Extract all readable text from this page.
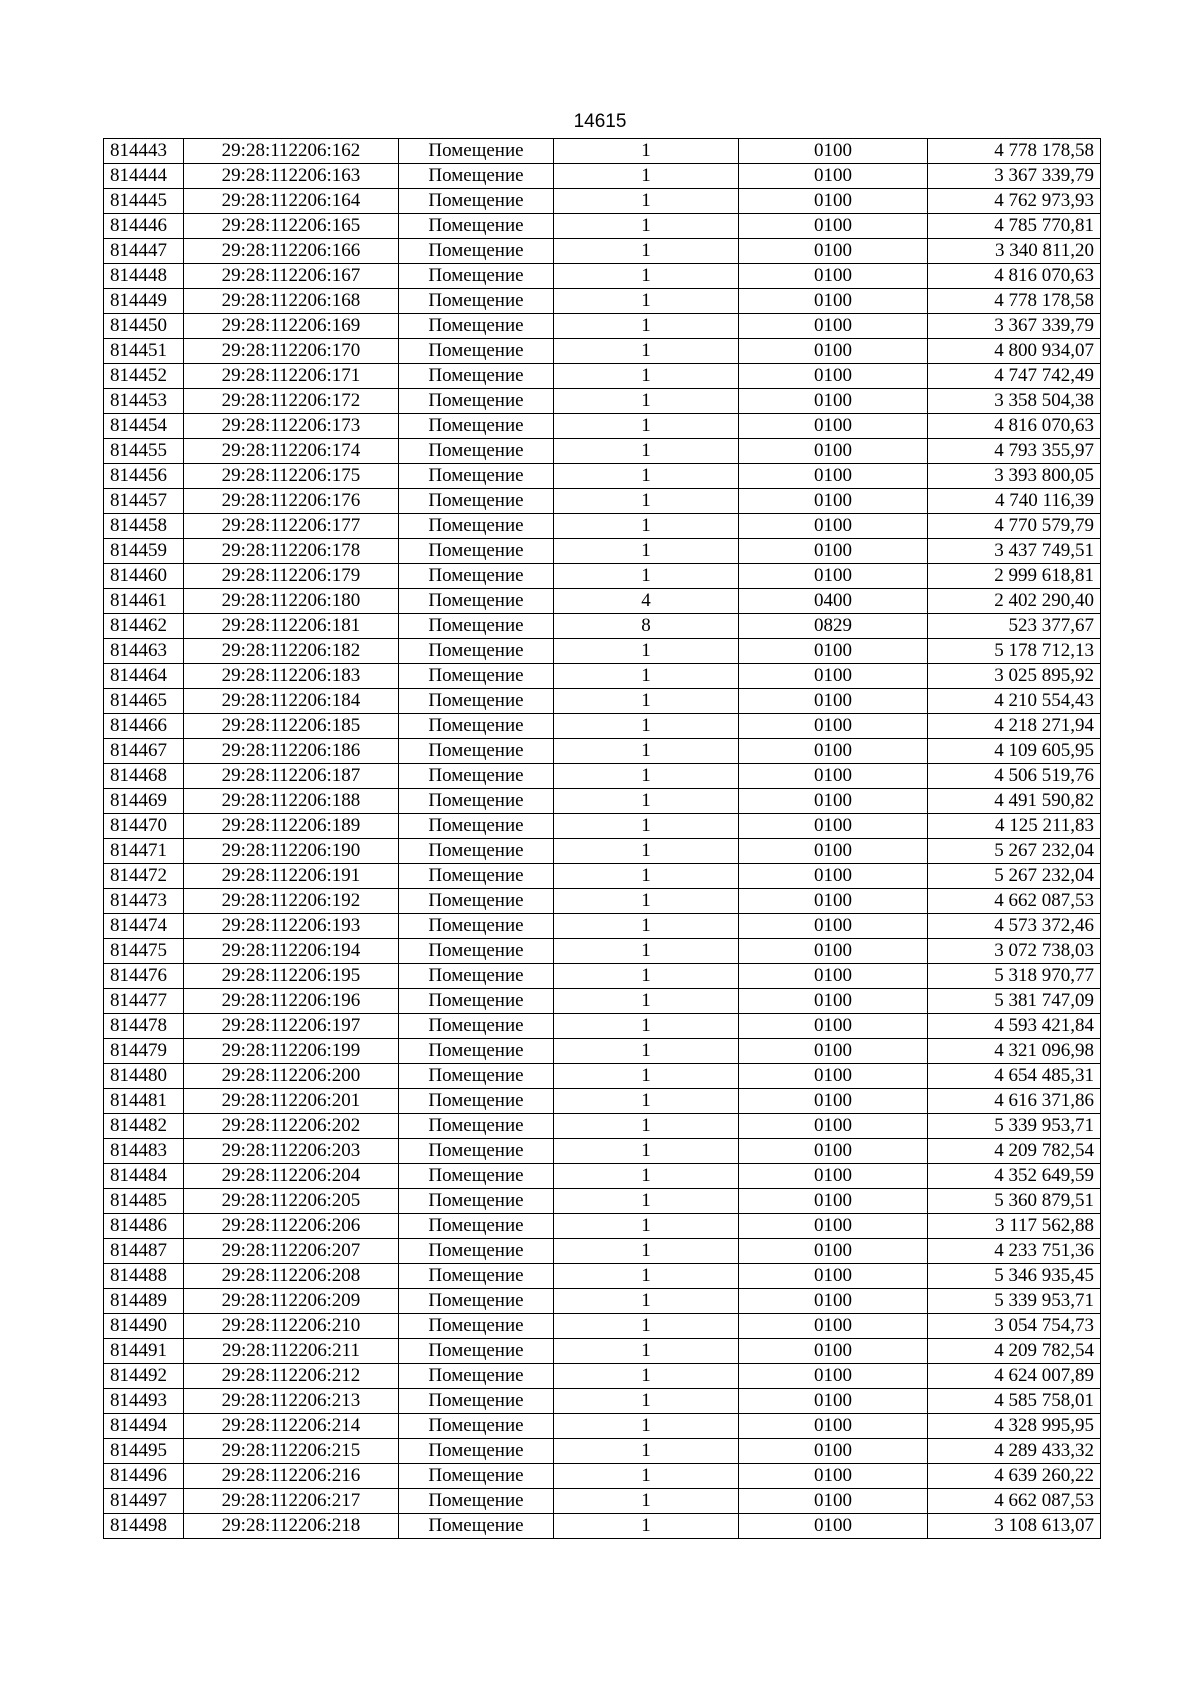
14615
814443	29:28:112206:162	Помещение	1	0100	4 778 178,58
814444	29:28:112206:163	Помещение	1	0100	3 367 339,79
814445	29:28:112206:164	Помещение	1	0100	4 762 973,93
814446	29:28:112206:165	Помещение	1	0100	4 785 770,81
814447	29:28:112206:166	Помещение	1	0100	3 340 811,20
814448	29:28:112206:167	Помещение	1	0100	4 816 070,63
814449	29:28:112206:168	Помещение	1	0100	4 778 178,58
814450	29:28:112206:169	Помещение	1	0100	3 367 339,79
814451	29:28:112206:170	Помещение	1	0100	4 800 934,07
814452	29:28:112206:171	Помещение	1	0100	4 747 742,49
814453	29:28:112206:172	Помещение	1	0100	3 358 504,38
814454	29:28:112206:173	Помещение	1	0100	4 816 070,63
814455	29:28:112206:174	Помещение	1	0100	4 793 355,97
814456	29:28:112206:175	Помещение	1	0100	3 393 800,05
814457	29:28:112206:176	Помещение	1	0100	4 740 116,39
814458	29:28:112206:177	Помещение	1	0100	4 770 579,79
814459	29:28:112206:178	Помещение	1	0100	3 437 749,51
814460	29:28:112206:179	Помещение	1	0100	2 999 618,81
814461	29:28:112206:180	Помещение	4	0400	2 402 290,40
814462	29:28:112206:181	Помещение	8	0829	523 377,67
814463	29:28:112206:182	Помещение	1	0100	5 178 712,13
814464	29:28:112206:183	Помещение	1	0100	3 025 895,92
814465	29:28:112206:184	Помещение	1	0100	4 210 554,43
814466	29:28:112206:185	Помещение	1	0100	4 218 271,94
814467	29:28:112206:186	Помещение	1	0100	4 109 605,95
814468	29:28:112206:187	Помещение	1	0100	4 506 519,76
814469	29:28:112206:188	Помещение	1	0100	4 491 590,82
814470	29:28:112206:189	Помещение	1	0100	4 125 211,83
814471	29:28:112206:190	Помещение	1	0100	5 267 232,04
814472	29:28:112206:191	Помещение	1	0100	5 267 232,04
814473	29:28:112206:192	Помещение	1	0100	4 662 087,53
814474	29:28:112206:193	Помещение	1	0100	4 573 372,46
814475	29:28:112206:194	Помещение	1	0100	3 072 738,03
814476	29:28:112206:195	Помещение	1	0100	5 318 970,77
814477	29:28:112206:196	Помещение	1	0100	5 381 747,09
814478	29:28:112206:197	Помещение	1	0100	4 593 421,84
814479	29:28:112206:199	Помещение	1	0100	4 321 096,98
814480	29:28:112206:200	Помещение	1	0100	4 654 485,31
814481	29:28:112206:201	Помещение	1	0100	4 616 371,86
814482	29:28:112206:202	Помещение	1	0100	5 339 953,71
814483	29:28:112206:203	Помещение	1	0100	4 209 782,54
814484	29:28:112206:204	Помещение	1	0100	4 352 649,59
814485	29:28:112206:205	Помещение	1	0100	5 360 879,51
814486	29:28:112206:206	Помещение	1	0100	3 117 562,88
814487	29:28:112206:207	Помещение	1	0100	4 233 751,36
814488	29:28:112206:208	Помещение	1	0100	5 346 935,45
814489	29:28:112206:209	Помещение	1	0100	5 339 953,71
814490	29:28:112206:210	Помещение	1	0100	3 054 754,73
814491	29:28:112206:211	Помещение	1	0100	4 209 782,54
814492	29:28:112206:212	Помещение	1	0100	4 624 007,89
814493	29:28:112206:213	Помещение	1	0100	4 585 758,01
814494	29:28:112206:214	Помещение	1	0100	4 328 995,95
814495	29:28:112206:215	Помещение	1	0100	4 289 433,32
814496	29:28:112206:216	Помещение	1	0100	4 639 260,22
814497	29:28:112206:217	Помещение	1	0100	4 662 087,53
814498	29:28:112206:218	Помещение	1	0100	3 108 613,07
